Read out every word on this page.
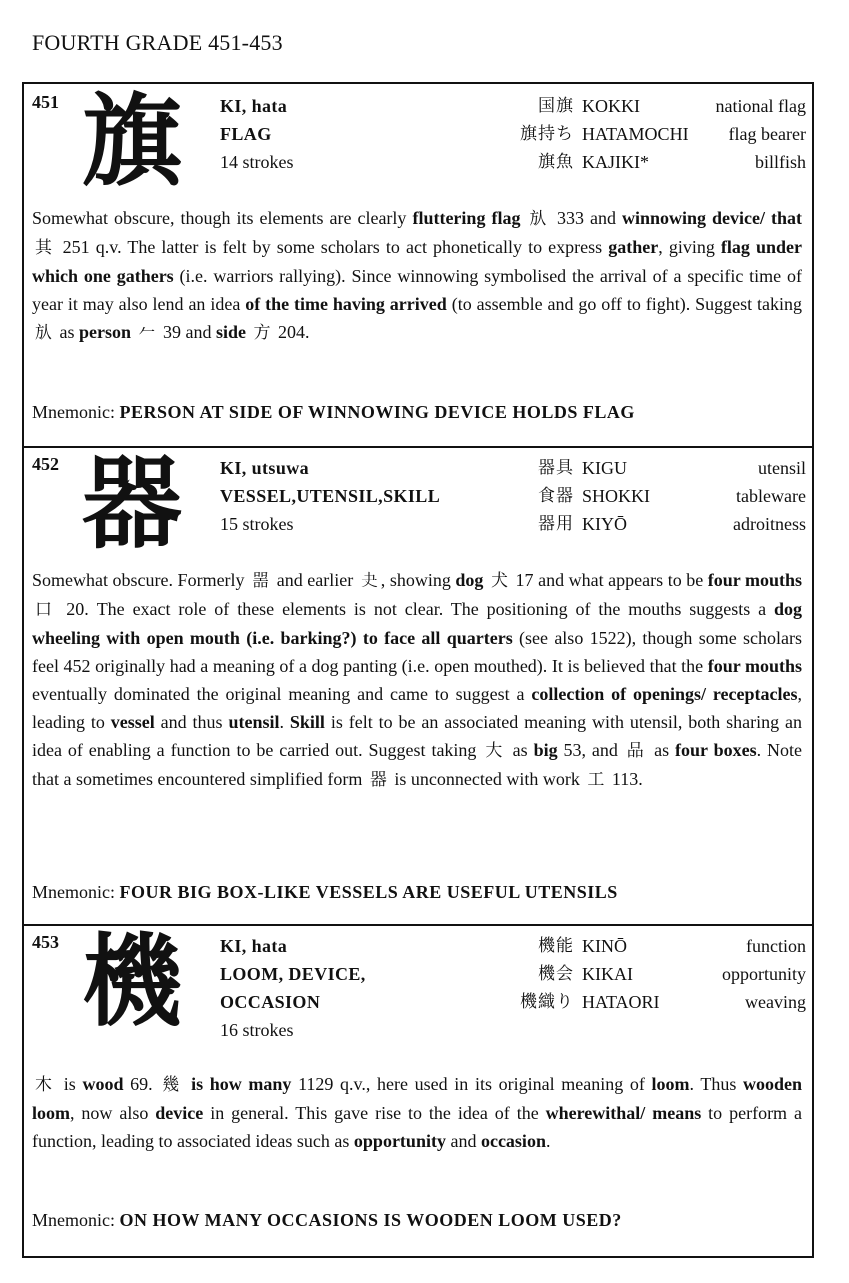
FOURTH GRADE 451-453
451 旗 KI, hata
FLAG
14 strokes
国旗 KOKKI	national flag
旗持ち HATAMOCHI	flag bearer
旗魚 KAJIKI*	billfish
Somewhat obscure, though its elements are clearly fluttering flag 㫃 333 and winnowing device/ that 其 251 q.v. The latter is felt by some scholars to act phonetically to express gather, giving flag under which one gathers (i.e. warriors rallying). Since winnowing symbolised the arrival of a specific time of year it may also lend an idea of the time having arrived (to assemble and go off to fight). Suggest taking 㫃 as person 𠂉 39 and side 方 204.
Mnemonic: PERSON AT SIDE OF WINNOWING DEVICE HOLDS FLAG
452 器 KI, utsuwa
VESSEL,UTENSIL,SKILL
15 strokes
器具 KIGU	utensil
食器 SHOKKI	tableware
器用 KIYŌ	adroitness
Somewhat obscure. Formerly 噐 and earlier 𡗒 , showing dog 犬 17 and what appears to be four mouths 口 20. The exact role of these elements is not clear. The positioning of the mouths suggests a dog wheeling with open mouth (i.e. barking?) to face all quarters (see also 1522), though some scholars feel 452 originally had a meaning of a dog panting (i.e. open mouthed). It is believed that the four mouths eventually dominated the original meaning and came to suggest a collection of openings/ receptacles, leading to vessel and thus utensil. Skill is felt to be an associated meaning with utensil, both sharing an idea of enabling a function to be carried out. Suggest taking 大 as big 53, and 品 as four boxes. Note that a sometimes encountered simplified form 器 is unconnected with work 工 113.
Mnemonic: FOUR BIG BOX-LIKE VESSELS ARE USEFUL UTENSILS
453 機 KI, hata
LOOM, DEVICE,
OCCASION
16 strokes
機能 KINŌ	function
機会 KIKAI	opportunity
機織り HATAORI	weaving
木 is wood 69. 幾 is how many 1129 q.v., here used in its original meaning of loom. Thus wooden loom, now also device in general. This gave rise to the idea of the wherewithal/ means to perform a function, leading to associated ideas such as opportunity and occasion.
Mnemonic: ON HOW MANY OCCASIONS IS WOODEN LOOM USED?
